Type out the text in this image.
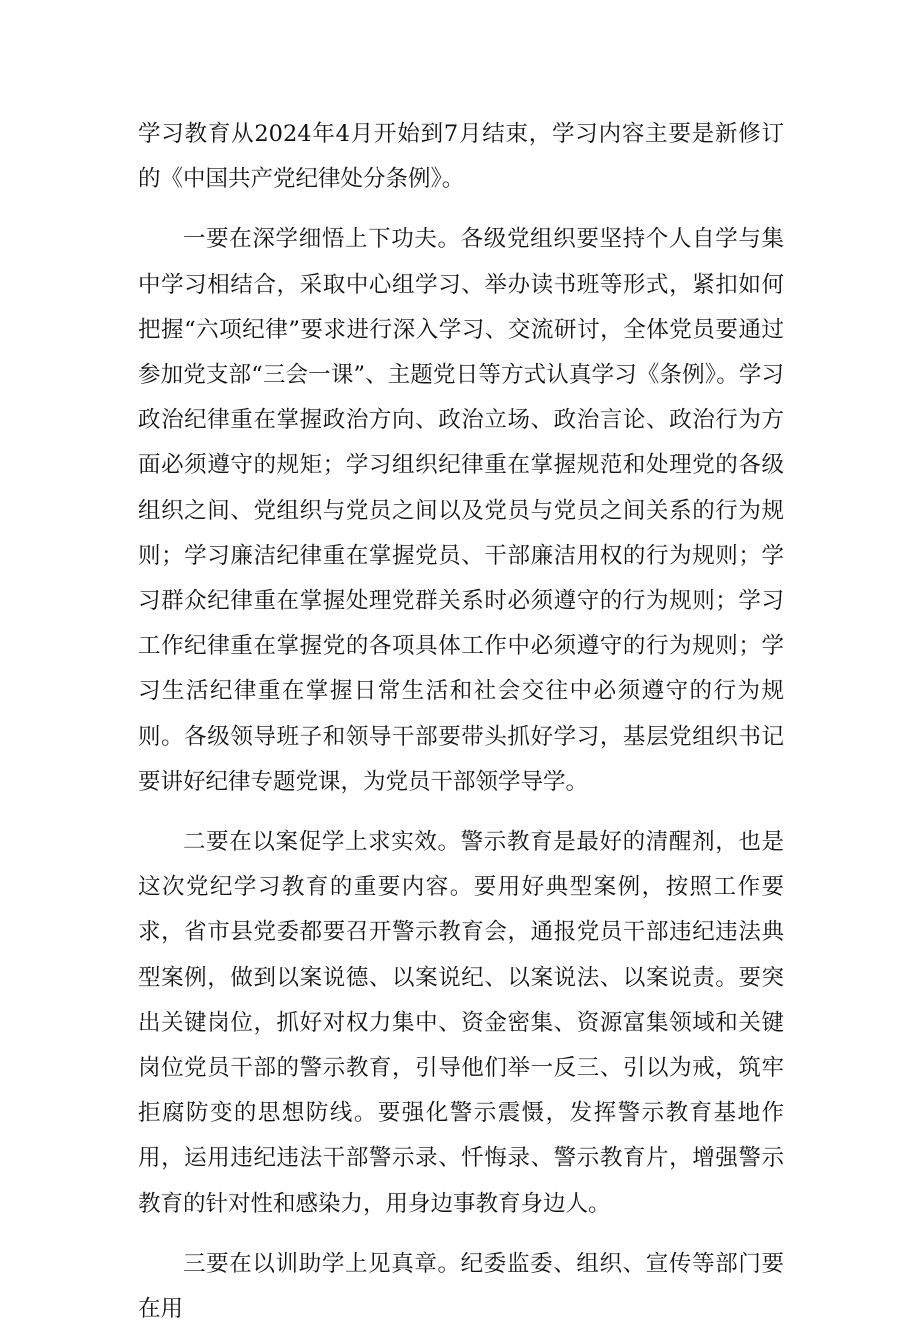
学习教育从2024年4月开始到7月结束，学习内容主要是新修订的《中国共产党纪律处分条例》。

一要在深学细悟上下功夫。各级党组织要坚持个人自学与集中学习相结合，采取中心组学习、举办读书班等形式，紧扣如何把握“六项纪律”要求进行深入学习、交流研讨，全体党员要通过参加党支部“三会一课”、主题党日等方式认真学习《条例》。学习政治纪律重在掌握政治方向、政治立场、政治言论、政治行为方面必须遵守的规矩；学习组织纪律重在掌握规范和处理党的各级组织之间、党组织与党员之间以及党员与党员之间关系的行为规则；学习廉洁纪律重在掌握党员、干部廉洁用权的行为规则；学习群众纪律重在掌握处理党群关系时必须遵守的行为规则；学习工作纪律重在掌握党的各项具体工作中必须遵守的行为规则；学习生活纪律重在掌握日常生活和社会交往中必须遵守的行为规则。各级领导班子和领导干部要带头抓好学习，基层党组织书记要讲好纪律专题党课，为党员干部领学导学。

二要在以案促学上求实效。警示教育是最好的清醒剂，也是这次党纪学习教育的重要内容。要用好典型案例，按照工作要求，省市县党委都要召开警示教育会，通报党员干部违纪违法典型案例，做到以案说德、以案说纪、以案说法、以案说责。要突出关键岗位，抓好对权力集中、资金密集、资源富集领域和关键岗位党员干部的警示教育，引导他们举一反三、引以为戒，筑牢拒腐防变的思想防线。要强化警示震慑，发挥警示教育基地作用，运用违纪违法干部警示录、忏悔录、警示教育片，增强警示教育的针对性和感染力，用身边事教育身边人。

三要在以训助学上见真章。纪委监委、组织、宣传等部门要在用
